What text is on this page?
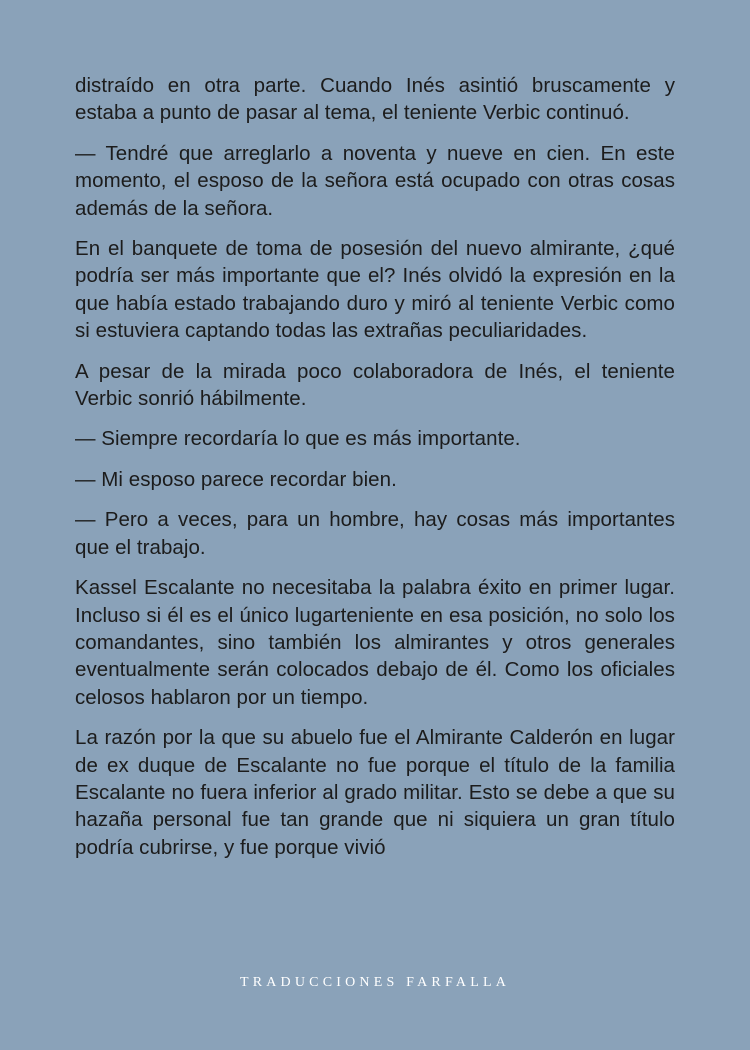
distraído en otra parte. Cuando Inés asintió bruscamente y estaba a punto de pasar al tema, el teniente Verbic continuó.

— Tendré que arreglarlo a noventa y nueve en cien. En este momento, el esposo de la señora está ocupado con otras cosas además de la señora.

En el banquete de toma de posesión del nuevo almirante, ¿qué podría ser más importante que el? Inés olvidó la expresión en la que había estado trabajando duro y miró al teniente Verbic como si estuviera captando todas las extrañas peculiaridades.

A pesar de la mirada poco colaboradora de Inés, el teniente Verbic sonrió hábilmente.

— Siempre recordaría lo que es más importante.

— Mi esposo parece recordar bien.

— Pero a veces, para un hombre, hay cosas más importantes que el trabajo.

Kassel Escalante no necesitaba la palabra éxito en primer lugar. Incluso si él es el único lugarteniente en esa posición, no solo los comandantes, sino también los almirantes y otros generales eventualmente serán colocados debajo de él. Como los oficiales celosos hablaron por un tiempo.

La razón por la que su abuelo fue el Almirante Calderón en lugar de ex duque de Escalante no fue porque el título de la familia Escalante no fuera inferior al grado militar. Esto se debe a que su hazaña personal fue tan grande que ni siquiera un gran título podría cubrirse, y fue porque vivió

TRADUCCIONES FARFALLA
